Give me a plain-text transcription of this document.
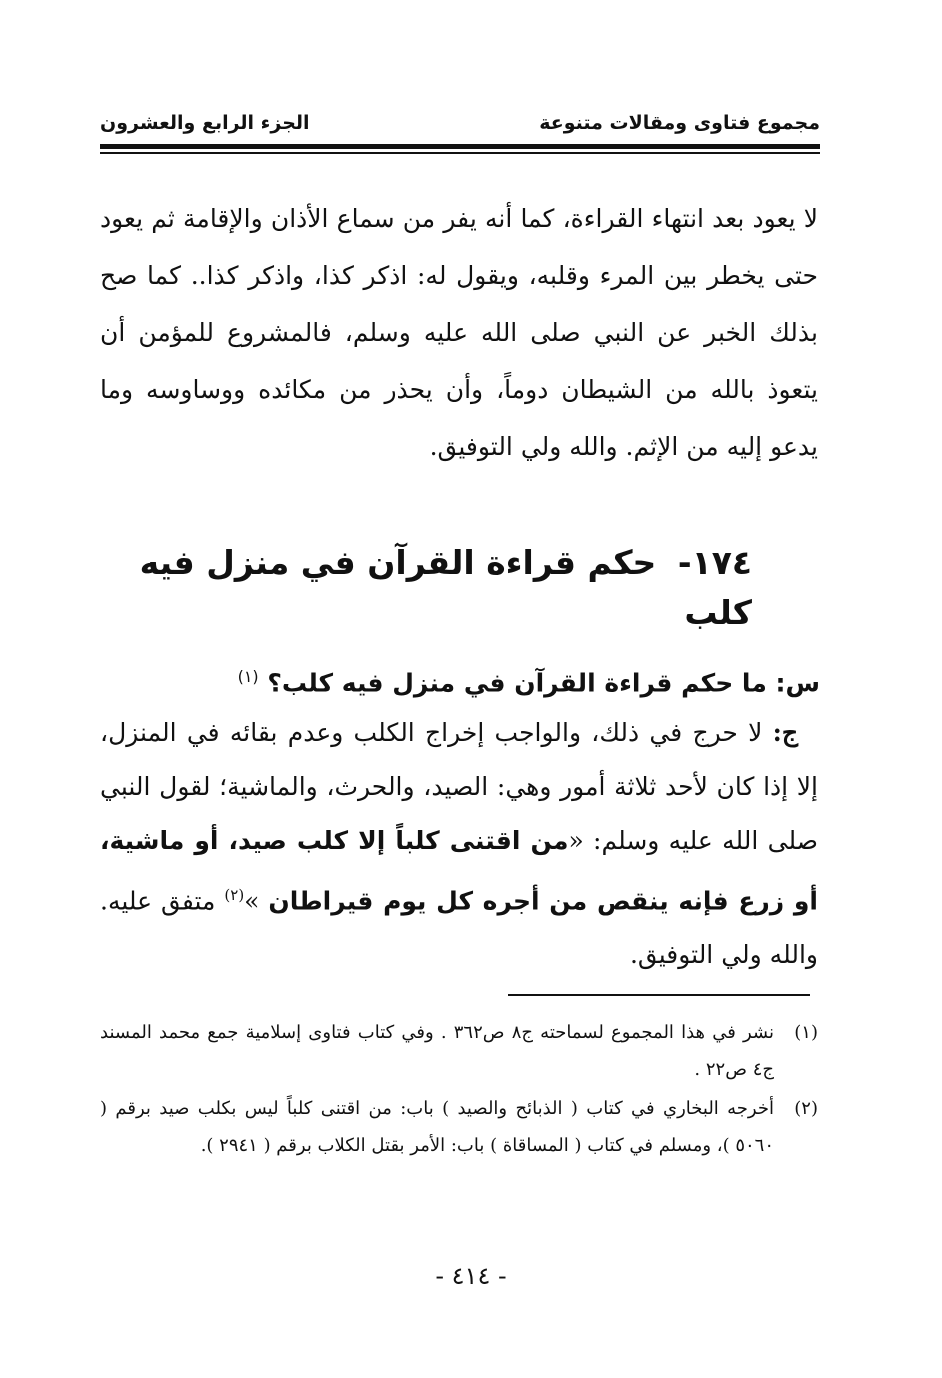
مجموع فتاوى ومقالات متنوعة
الجزء الرابع والعشرون
لا يعود بعد انتهاء القراءة، كما أنه يفر من سماع الأذان والإقامة ثم يعود حتى يخطر بين المرء وقلبه، ويقول له: اذكر كذا، واذكر كذا.. كما صح بذلك الخبر عن النبي صلى الله عليه وسلم، فالمشروع للمؤمن أن يتعوذ بالله من الشيطان دوماً، وأن يحذر من مكائده ووساوسه وما يدعو إليه من الإثم. والله ولي التوفيق.
١٧٤- حكم قراءة القرآن في منزل فيه كلب
س: ما حكم قراءة القرآن في منزل فيه كلب؟ $^{(١)}$
ج: لا حرج في ذلك، والواجب إخراج الكلب وعدم بقائه في المنزل، إلا إذا كان لأحد ثلاثة أمور وهي: الصيد، والحرث، والماشية؛ لقول النبي صلى الله عليه وسلم: «من اقتنى كلباً إلا كلب صيد، أو ماشية، أو زرع فإنه ينقص من أجره كل يوم قيراطان »$^{(٢)}$ متفق عليه. والله ولي التوفيق.
(١)
نشر في هذا المجموع لسماحته ج٨ ص٣٦٢ . وفي كتاب فتاوى إسلامية جمع محمد المسند ج٤ ص٢٢ .
(٢)
أخرجه البخاري في كتاب ( الذبائح والصيد ) باب: من اقتنى كلباً ليس بكلب صيد برقم ( ٥٠٦٠ )، ومسلم في كتاب ( المساقاة ) باب: الأمر بقتل الكلاب برقم ( ٢٩٤١ ).
- ٤١٤ -
